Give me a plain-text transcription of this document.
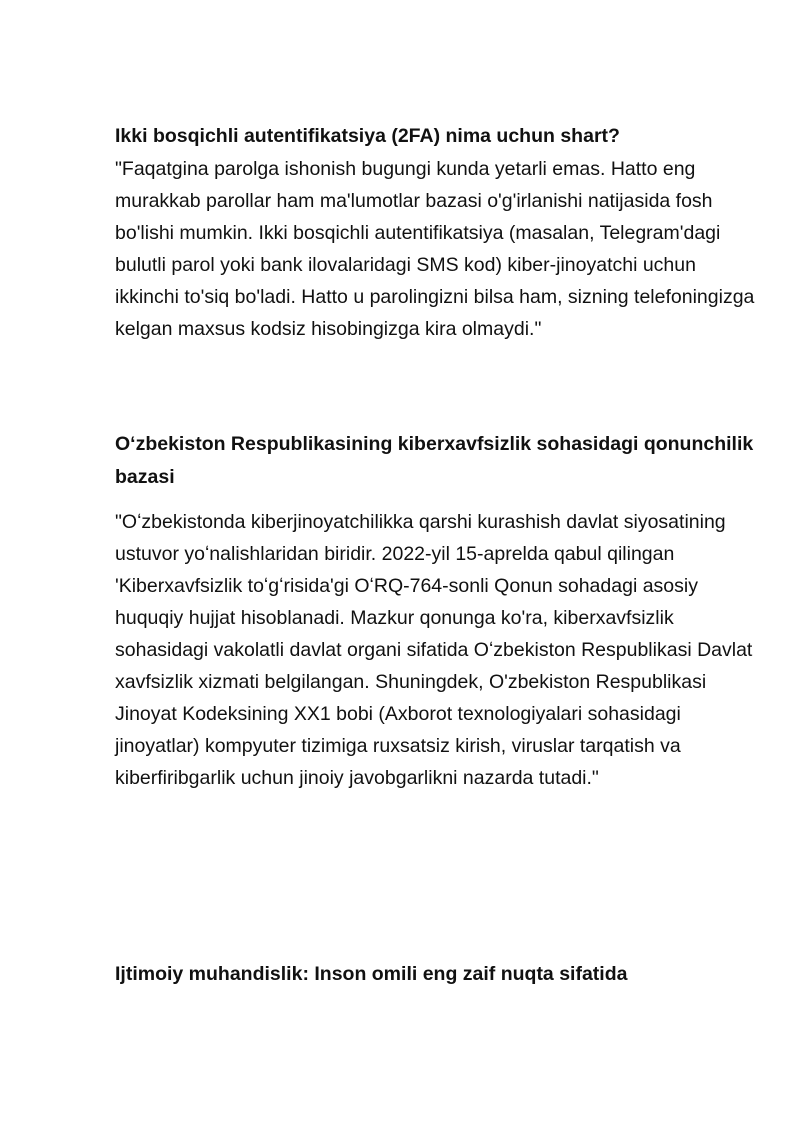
Ikki bosqichli autentifikatsiya (2FA) nima uchun shart?

"Faqatgina parolga ishonish bugungi kunda yetarli emas. Hatto eng murakkab parollar ham ma'lumotlar bazasi o'g'irlanishi natijasida fosh bo'lishi mumkin. Ikki bosqichli autentifikatsiya (masalan, Telegram'dagi bulutli parol yoki bank ilovalaridagi SMS kod) kiber-jinoyatchi uchun ikkinchi to'siq bo'ladi. Hatto u parolingizni bilsa ham, sizning telefoningizga kelgan maxsus kodsiz hisobingizga kira olmaydi."

Oʻzbekiston Respublikasining kiberxavfsizlik sohasidagi qonunchilik bazasi

"Oʻzbekistonda kiberjinoyatchilikka qarshi kurashish davlat siyosatining ustuvor yoʻnalishlaridan biridir. 2022-yil 15-aprelda qabul qilingan 'Kiberxavfsizlik toʻgʻrisida'gi OʻRQ-764-sonli Qonun sohadagi asosiy huquqiy hujjat hisoblanadi. Mazkur qonunga ko'ra, kiberxavfsizlik sohasidagi vakolatli davlat organi sifatida Oʻzbekiston Respublikasi Davlat xavfsizlik xizmati belgilangan. Shuningdek, O'zbekiston Respublikasi Jinoyat Kodeksining XX1 bobi (Axborot texnologiyalari sohasidagi jinoyatlar) kompyuter tizimiga ruxsatsiz kirish, viruslar tarqatish va kiberfiribgarlik uchun jinoiy javobgarlikni nazarda tutadi."

Ijtimoiy muhandislik: Inson omili eng zaif nuqta sifatida
